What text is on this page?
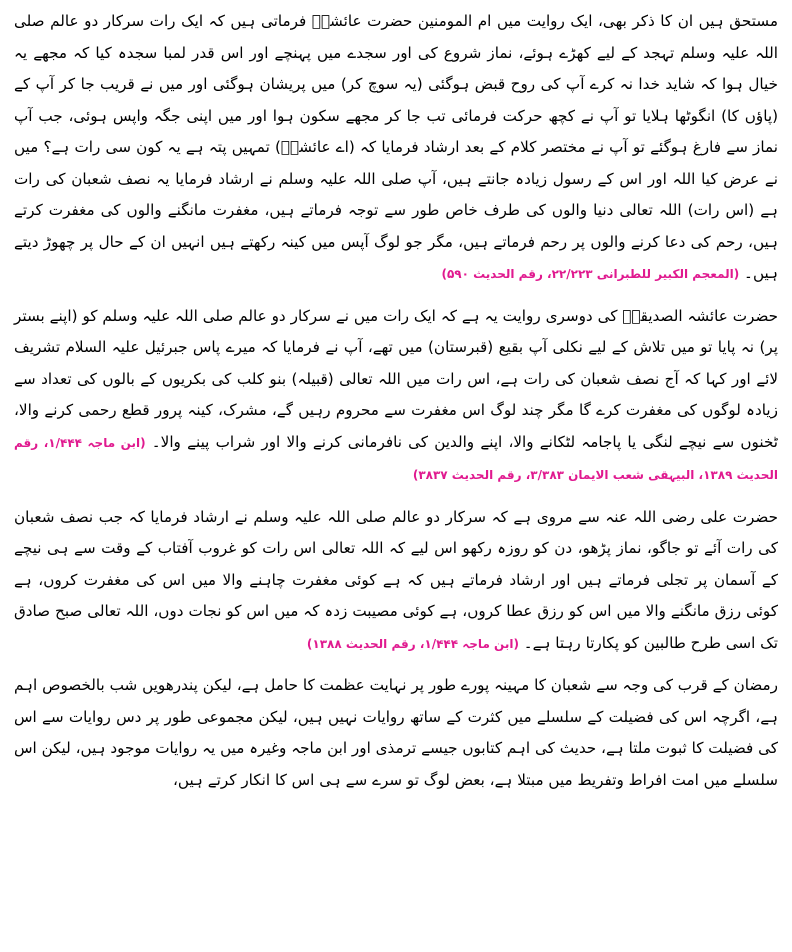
مستحق ہیں ان کا ذکر بھی، ایک روایت میں ام المومنین حضرت عائشہؓ فرماتی ہیں کہ ایک رات سرکار دو عالم صلی اللہ علیہ وسلم تہجد کے لیے کھڑے ہوئے، نماز شروع کی اور سجدے میں پہنچے اور اس قدر لمبا سجدہ کیا کہ مجھے یہ خیال ہوا کہ شاید خدا نہ کرے آپ کی روح قبض ہوگئی (یہ سوچ کر) میں پریشان ہوگئی اور میں نے قریب جا کر آپ کے (پاؤں کا) انگوٹھا ہلایا تو آپ نے کچھ حرکت فرمائی تب جا کر مجھے سکون ہوا اور میں اپنی جگہ واپس ہوئی، جب آپ نماز سے فارغ ہوگئے تو آپ نے مختصر کلام کے بعد ارشاد فرمایا کہ (اے عائشہؓ) تمہیں پتہ ہے یہ کون سی رات ہے؟ میں نے عرض کیا اللہ اور اس کے رسول زیادہ جانتے ہیں، آپ صلی اللہ علیہ وسلم نے ارشاد فرمایا یہ نصف شعبان کی رات ہے (اس رات) اللہ تعالی دنیا والوں کی طرف خاص طور سے توجہ فرماتے ہیں، مغفرت مانگنے والوں کی مغفرت کرتے ہیں، رحم کی دعا کرنے والوں پر رحم فرماتے ہیں، مگر جو لوگ آپس میں کینہ رکھتے ہیں انہیں ان کے حال پر چھوڑ دیتے ہیں۔ (المعجم الکبیر للطبرانی ۲۲/۲۲۳، رقم الحدیث ۵۹۰)

حضرت عائشہ الصدیقہؓ کی دوسری روایت یہ ہے کہ ایک رات میں نے سرکار دو عالم صلی اللہ علیہ وسلم کو (اپنے بستر پر) نہ پایا تو میں تلاش کے لیے نکلی آپ بقیع (قبرستان) میں تھے، آپ نے فرمایا کہ میرے پاس جبرئیل علیہ السلام تشریف لائے اور کہا کہ آج نصف شعبان کی رات ہے، اس رات میں اللہ تعالی (قبیلہ) بنو کلب کی بکریوں کے بالوں کی تعداد سے زیادہ لوگوں کی مغفرت کرے گا مگر چند لوگ اس مغفرت سے محروم رہیں گے، مشرک، کینہ پرور قطع رحمی کرنے والا، ٹخنوں سے نیچے لنگی یا پاجامہ لٹکانے والا، اپنے والدین کی نافرمانی کرنے والا اور شراب پینے والا۔ (ابن ماجہ ۱/۴۴۴، رقم الحدیث ۱۳۸۹، البیہقی شعب الایمان ۳/۳۸۳، رقم الحدیث ۳۸۳۷)

حضرت علی رضی اللہ عنہ سے مروی ہے کہ سرکار دو عالم صلی اللہ علیہ وسلم نے ارشاد فرمایا کہ جب نصف شعبان کی رات آئے تو جاگو، نماز پڑھو، دن کو روزہ رکھو اس لیے کہ اللہ تعالی اس رات کو غروب آفتاب کے وقت سے ہی نیچے کے آسمان پر تجلی فرماتے ہیں اور ارشاد فرماتے ہیں کہ ہے کوئی مغفرت چاہنے والا میں اس کی مغفرت کروں، ہے کوئی رزق مانگنے والا میں اس کو رزق عطا کروں، ہے کوئی مصیبت زدہ کہ میں اس کو نجات دوں، اللہ تعالی صبح صادق تک اسی طرح طالبین کو پکارتا رہتا ہے۔ (ابن ماجہ ۱/۴۴۴، رقم الحدیث ۱۳۸۸)

رمضان کے قرب کی وجہ سے شعبان کا مہینہ پورے طور پر نہایت عظمت کا حامل ہے، لیکن پندرھویں شب بالخصوص اہم ہے، اگرچہ اس کی فضیلت کے سلسلے میں کثرت کے ساتھ روایات نہیں ہیں، لیکن مجموعی طور پر دس روایات سے اس کی فضیلت کا ثبوت ملتا ہے، حدیث کی اہم کتابوں جیسے ترمذی اور ابن ماجہ وغیرہ میں یہ روایات موجود ہیں، لیکن اس سلسلے میں امت افراط وتفریط میں مبتلا ہے، بعض لوگ تو سرے سے ہی اس کا انکار کرتے ہیں،
